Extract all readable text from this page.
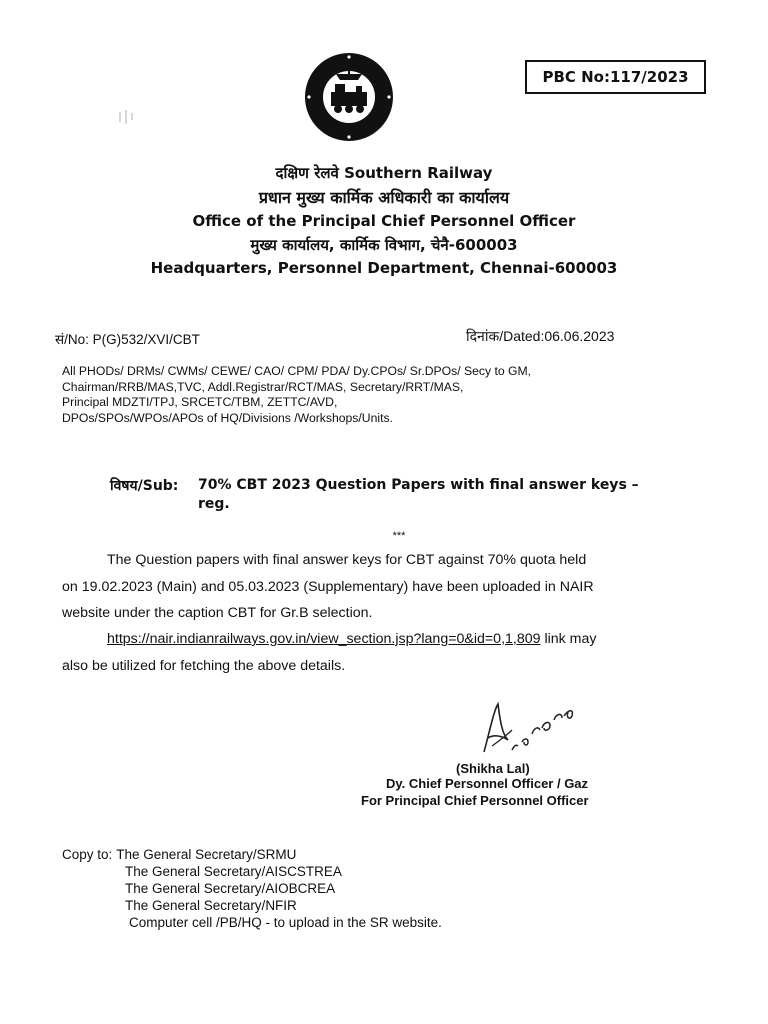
PBC No:117/2023
दक्षिण रेलवे Southern Railway
प्रधान मुख्य कार्मिक अधिकारी का कार्यालय
Office of the Principal Chief Personnel Officer
मुख्य कार्यालय, कार्मिक विभाग, चेनै-600003
Headquarters, Personnel Department, Chennai-600003
सं/No: P(G)532/XVI/CBT	दिनांक/Dated:06.06.2023
All PHODs/ DRMs/ CWMs/ CEWE/ CAO/ CPM/ PDA/ Dy.CPOs/ Sr.DPOs/ Secy to GM,
Chairman/RRB/MAS,TVC, Addl.Registrar/RCT/MAS, Secretary/RRT/MAS,
Principal MDZTI/TPJ, SRCETC/TBM, ZETTC/AVD,
DPOs/SPOs/WPOs/APOs of HQ/Divisions /Workshops/Units.
विषय/Sub: 70% CBT 2023 Question Papers with final answer keys – reg.
***
The Question papers with final answer keys for CBT against 70% quota held
on 19.02.2023 (Main) and 05.03.2023 (Supplementary) have been uploaded in NAIR
website under the caption CBT for Gr.B selection.
https://nair.indianrailways.gov.in/view_section.jsp?lang=0&id=0,1,809 link may
also be utilized for fetching the above details.
(Shikha Lal)
Dy. Chief Personnel Officer / Gaz
For Principal Chief Personnel Officer
Copy to: The General Secretary/SRMU
The General Secretary/AISCSTREA
The General Secretary/AIOBCREA
The General Secretary/NFIR
Computer cell /PB/HQ - to upload in the SR website.
